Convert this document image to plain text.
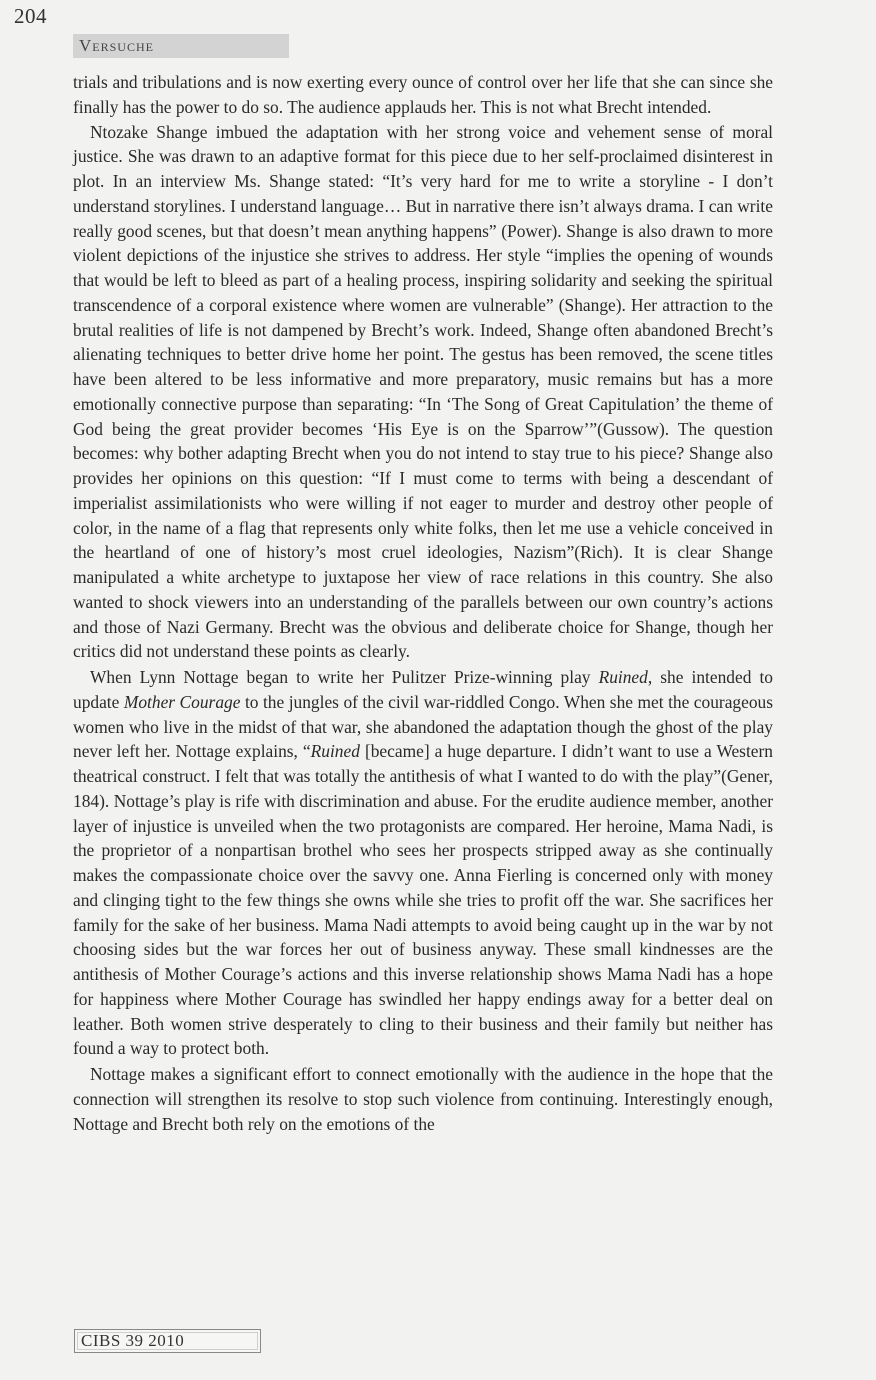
204
Versuche

trials and tribulations and is now exerting every ounce of control over her life that she can since she finally has the power to do so. The audience applauds her. This is not what Brecht intended.

Ntozake Shange imbued the adaptation with her strong voice and vehement sense of moral justice. She was drawn to an adaptive format for this piece due to her self-proclaimed disinterest in plot. In an interview Ms. Shange stated: “It’s very hard for me to write a storyline - I don’t understand storylines. I understand language… But in narrative there isn’t always drama. I can write really good scenes, but that doesn’t mean anything happens” (Power). Shange is also drawn to more violent depictions of the injustice she strives to address. Her style “implies the opening of wounds that would be left to bleed as part of a healing process, inspiring solidarity and seeking the spiritual transcendence of a corporal existence where women are vulnerable” (Shange). Her attraction to the brutal realities of life is not dampened by Brecht’s work. Indeed, Shange often abandoned Brecht’s alienating techniques to better drive home her point. The gestus has been removed, the scene titles have been altered to be less informative and more preparatory, music remains but has a more emotionally connective purpose than separating: “In ‘The Song of Great Capitulation’ the theme of God being the great provider becomes ‘His Eye is on the Sparrow’”(Gussow). The question becomes: why bother adapting Brecht when you do not intend to stay true to his piece? Shange also provides her opinions on this question: “If I must come to terms with being a descendant of imperialist assimilationists who were willing if not eager to murder and destroy other people of color, in the name of a flag that represents only white folks, then let me use a vehicle conceived in the heartland of one of history’s most cruel ideologies, Nazism”(Rich). It is clear Shange manipulated a white archetype to juxtapose her view of race relations in this country. She also wanted to shock viewers into an understanding of the parallels between our own country’s actions and those of Nazi Germany. Brecht was the obvious and deliberate choice for Shange, though her critics did not understand these points as clearly.

When Lynn Nottage began to write her Pulitzer Prize-winning play Ruined, she intended to update Mother Courage to the jungles of the civil war-riddled Congo. When she met the courageous women who live in the midst of that war, she abandoned the adaptation though the ghost of the play never left her. Nottage explains, “Ruined [became] a huge departure. I didn’t want to use a Western theatrical construct. I felt that was totally the antithesis of what I wanted to do with the play”(Gener, 184). Nottage’s play is rife with discrimination and abuse. For the erudite audience member, another layer of injustice is unveiled when the two protagonists are compared. Her heroine, Mama Nadi, is the proprietor of a nonpartisan brothel who sees her prospects stripped away as she continually makes the compassionate choice over the savvy one. Anna Fierling is concerned only with money and clinging tight to the few things she owns while she tries to profit off the war. She sacrifices her family for the sake of her business. Mama Nadi attempts to avoid being caught up in the war by not choosing sides but the war forces her out of business anyway. These small kindnesses are the antithesis of Mother Courage’s actions and this inverse relationship shows Mama Nadi has a hope for happiness where Mother Courage has swindled her happy endings away for a better deal on leather. Both women strive desperately to cling to their business and their family but neither has found a way to protect both.

Nottage makes a significant effort to connect emotionally with the audience in the hope that the connection will strengthen its resolve to stop such violence from continuing. Interestingly enough, Nottage and Brecht both rely on the emotions of the

CIBS 39 2010
